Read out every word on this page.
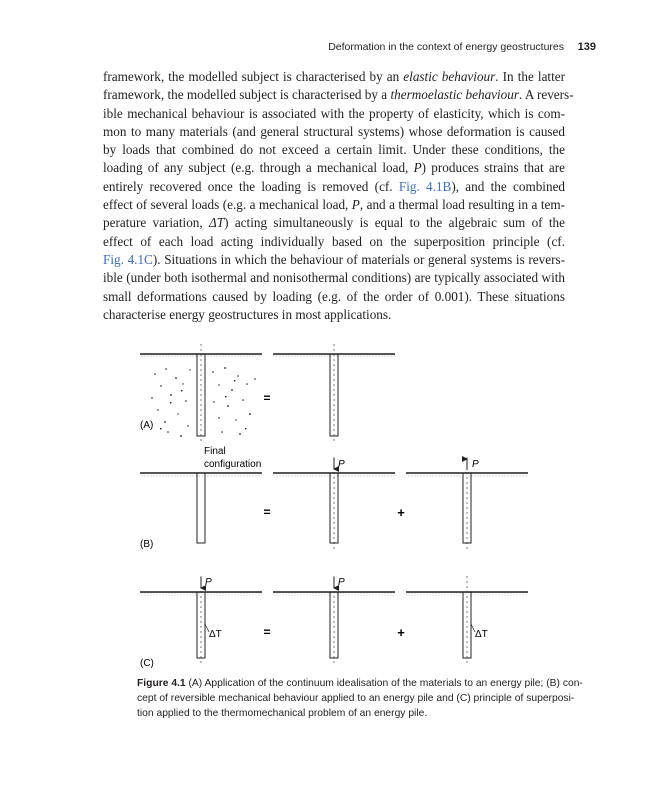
Deformation in the context of energy geostructures 139
framework, the modelled subject is characterised by an elastic behaviour. In the latter
framework, the modelled subject is characterised by a thermoelastic behaviour. A revers-
ible mechanical behaviour is associated with the property of elasticity, which is com-
mon to many materials (and general structural systems) whose deformation is caused
by loads that combined do not exceed a certain limit. Under these conditions, the
loading of any subject (e.g. through a mechanical load, P) produces strains that are
entirely recovered once the loading is removed (cf. Fig. 4.1B), and the combined
effect of several loads (e.g. a mechanical load, P, and a thermal load resulting in a tem-
perature variation, ΔT) acting simultaneously is equal to the algebraic sum of the
effect of each load acting individually based on the superposition principle (cf.
Fig. 4.1C). Situations in which the behaviour of materials or general systems is revers-
ible (under both isothermal and nonisothermal conditions) are typically associated with
small deformations caused by loading (e.g. of the order of 0.001). These situations
characterise energy geostructures in most applications.
=
(A)
Final
configuration	P	P
=	+
(B)
P
ΔT
P
ΔT
=	+
(C)
Figure 4.1 (A) Application of the continuum idealisation of the materials to an energy pile; (B) con-
cept of reversible mechanical behaviour applied to an energy pile and (C) principle of superposi-
tion applied to the thermomechanical problem of an energy pile.
